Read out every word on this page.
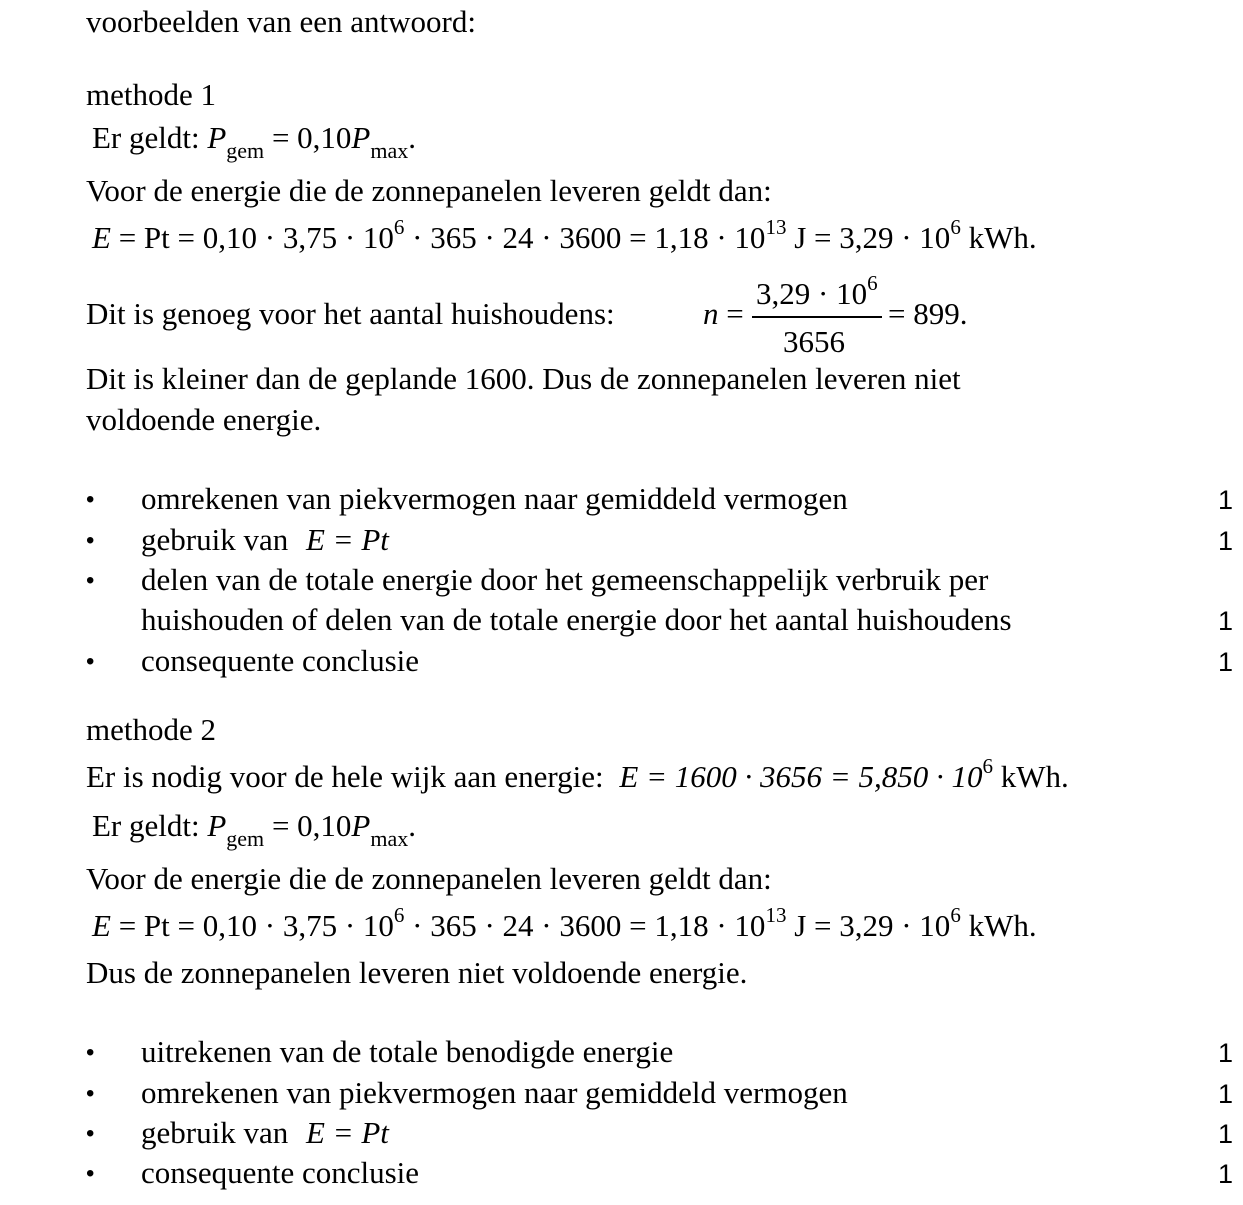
voorbeelden van een antwoord:
methode 1
Er geldt: $P_{gem} = 0,10P_{max}$.
Voor de energie die de zonnepanelen leveren geldt dan:
$E = Pt = 0,10 \cdot 3,75 \cdot 10^6 \cdot 365 \cdot 24 \cdot 3600 = 1,18 \cdot 10^{13}$ $J = 3,29 \cdot 10^6$ kWh.
Dit is genoeg voor het aantal huishoudens:	n =
$3,29 \cdot 10^6$
3656
= 899.
Dit is kleiner dan de geplande 1600. Dus de zonnepanelen leveren niet
voldoende energie.
• omrekenen van piekvermogen naar gemiddeld vermogen	1
• gebruik van E = Pt	1
• delen van de totale energie door het gemeenschappelijk verbruik per
huishouden of delen van de totale energie door het aantal huishoudens	1
• consequente conclusie	1
methode 2
Er is nodig voor de hele wijk aan energie: $E = 1600 \cdot 3656 = 5,850 \cdot 10^6$ kWh.
Er geldt: $P_{gem} = 0,10P_{max}$.
Voor de energie die de zonnepanelen leveren geldt dan:
$E = Pt = 0,10 \cdot 3,75 \cdot 10^6 \cdot 365 \cdot 24 \cdot 3600 = 1,18 \cdot 10^{13}$ $J = 3,29 \cdot 10^6$ kWh.
Dus de zonnepanelen leveren niet voldoende energie.
• uitrekenen van de totale benodigde energie	1
• omrekenen van piekvermogen naar gemiddeld vermogen	1
• gebruik van E = Pt	1
• consequente conclusie	1
